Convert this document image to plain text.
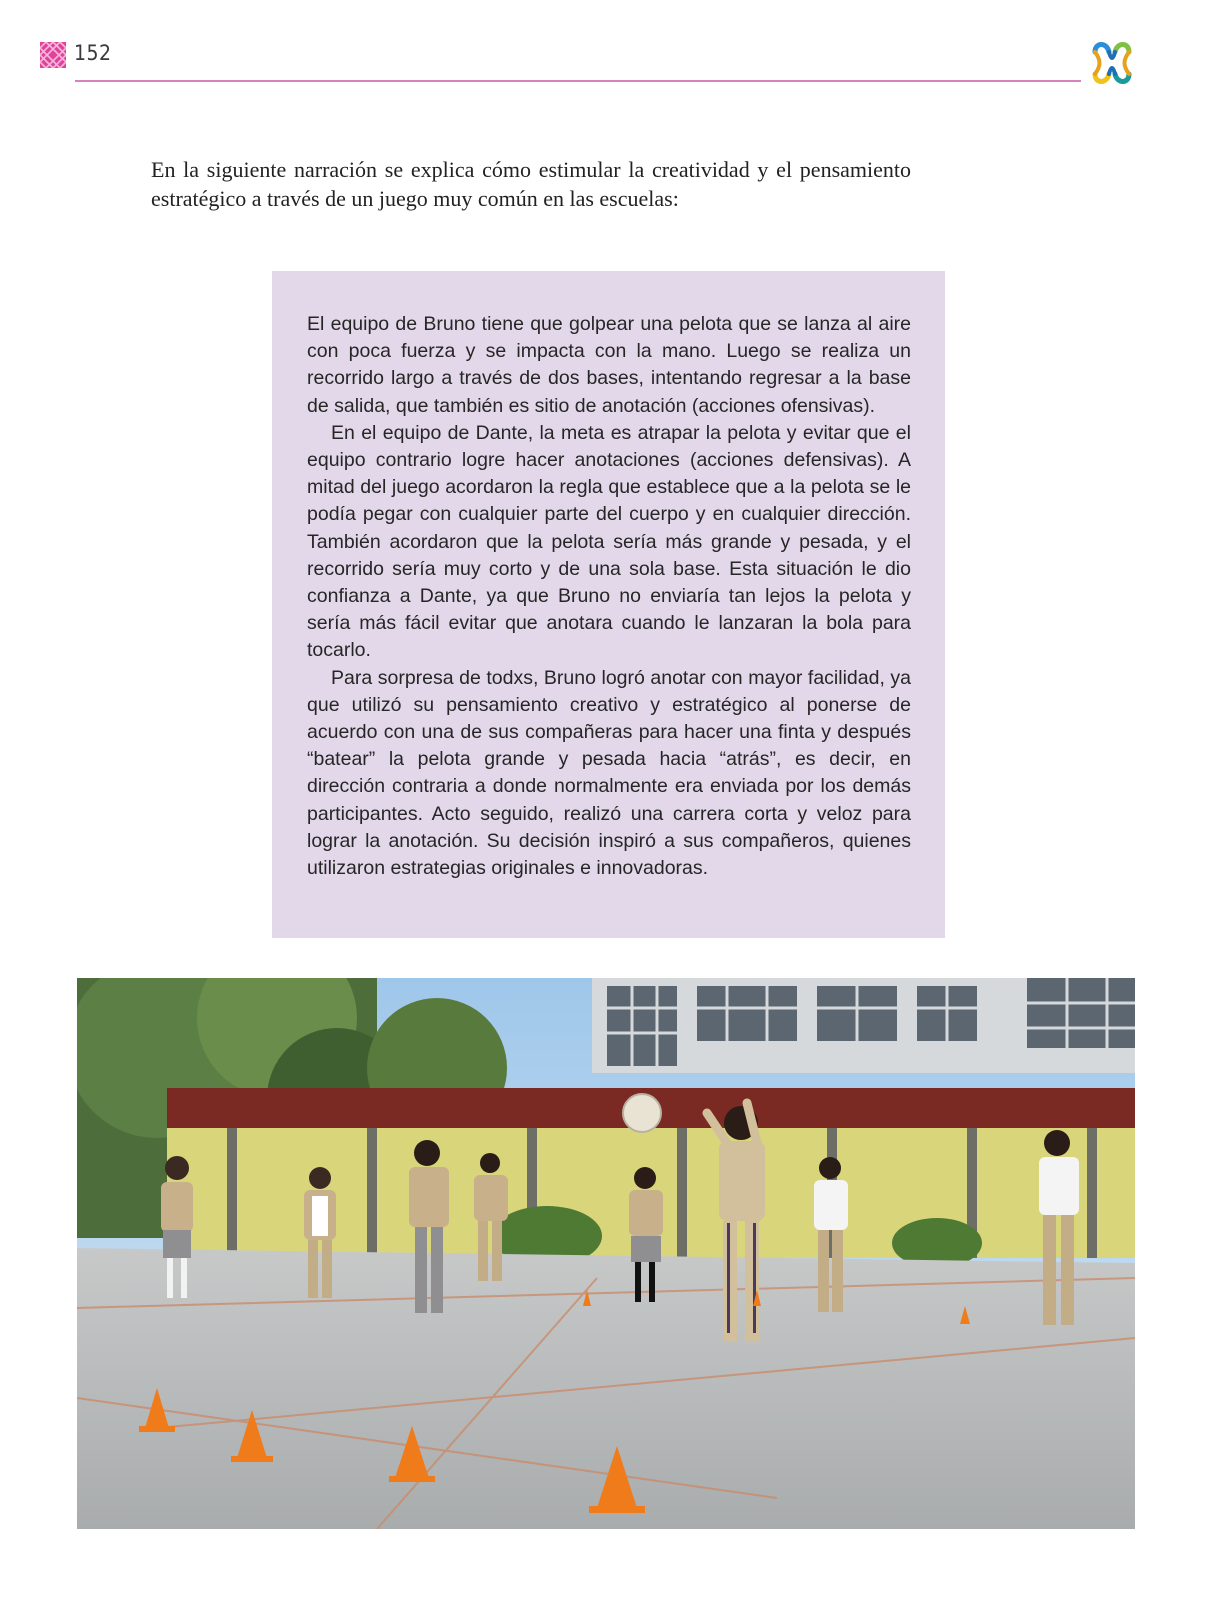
152

En la siguiente narración se explica cómo estimular la creatividad y el pensamiento estratégico a través de un juego muy común en las escuelas:

El equipo de Bruno tiene que golpear una pelota que se lanza al aire con poca fuerza y se impacta con la mano. Luego se realiza un recorrido largo a través de dos bases, intentando regresar a la base de salida, que también es sitio de anotación (acciones ofensivas).

En el equipo de Dante, la meta es atrapar la pelota y evitar que el equipo contrario logre hacer anotaciones (acciones defensivas). A mitad del juego acordaron la regla que establece que a la pelota se le podía pegar con cualquier parte del cuerpo y en cualquier dirección. También acordaron que la pelota sería más grande y pesada, y el recorrido sería muy corto y de una sola base. Esta situación le dio confianza a Dante, ya que Bruno no enviaría tan lejos la pelota y sería más fácil evitar que anotara cuando le lanzaran la bola para tocarlo.

Para sorpresa de todxs, Bruno logró anotar con mayor facilidad, ya que utilizó su pensamiento creativo y estratégico al ponerse de acuerdo con una de sus compañeras para hacer una finta y después “batear” la pelota grande y pesada hacia “atrás”, es decir, en dirección contraria a donde normalmente era enviada por los demás participantes. Acto seguido, realizó una carrera corta y veloz para lograr la anotación. Su decisión inspiró a sus compañeros, quienes utilizaron estrategias originales e innovadoras.
